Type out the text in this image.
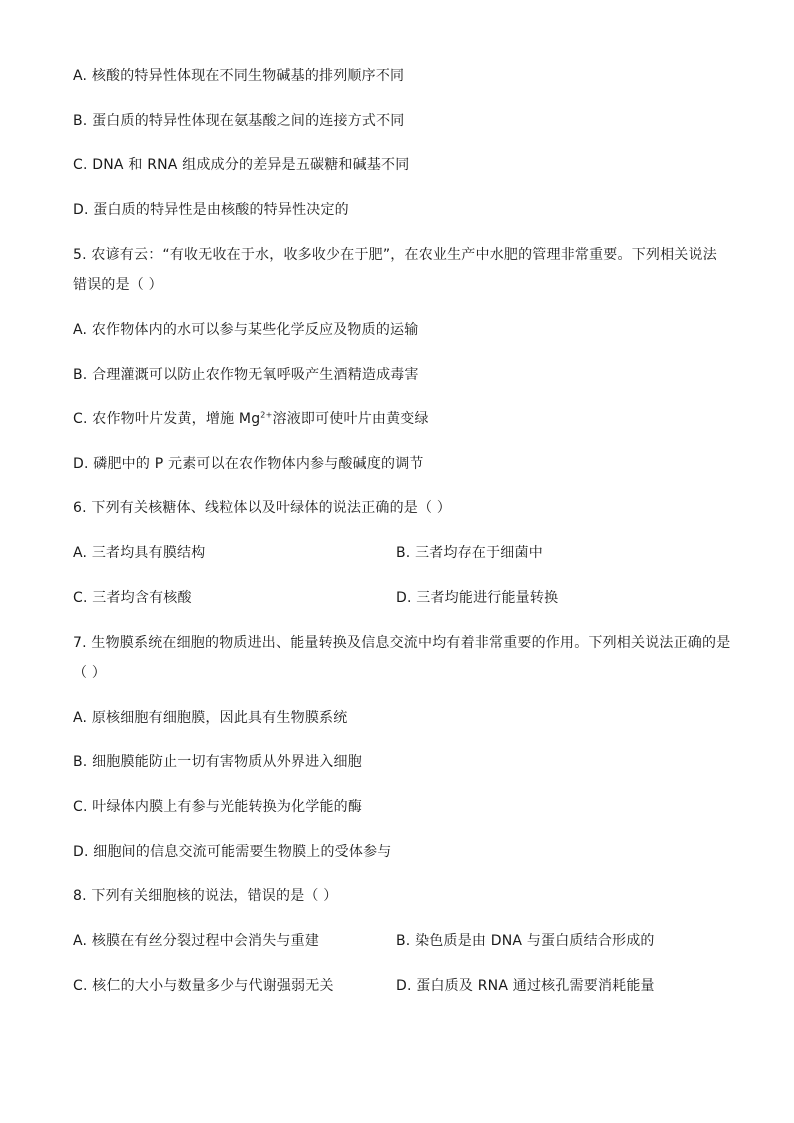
A. 核酸的特异性体现在不同生物碱基的排列顺序不同
B. 蛋白质的特异性体现在氨基酸之间的连接方式不同
C. DNA 和 RNA 组成成分的差异是五碳糖和碱基不同
D. 蛋白质的特异性是由核酸的特异性决定的
5. 农谚有云：“有收无收在于水，收多收少在于肥”，在农业生产中水肥的管理非常重要。下列相关说法
错误的是（ ）
A. 农作物体内的水可以参与某些化学反应及物质的运输
B. 合理灌溉可以防止农作物无氧呼吸产生酒精造成毒害
C. 农作物叶片发黄，增施 $Mg^{2+}$溶液即可使叶片由黄变绿
D. 磷肥中的 P 元素可以在农作物体内参与酸碱度的调节
6. 下列有关核糖体、线粒体以及叶绿体的说法正确的是（ ）
A. 三者均具有膜结构	B. 三者均存在于细菌中
C. 三者均含有核酸	D. 三者均能进行能量转换
7. 生物膜系统在细胞的物质进出、能量转换及信息交流中均有着非常重要的作用。下列相关说法正确的是
（ ）
A. 原核细胞有细胞膜，因此具有生物膜系统
B. 细胞膜能防止一切有害物质从外界进入细胞
C. 叶绿体内膜上有参与光能转换为化学能的酶
D. 细胞间的信息交流可能需要生物膜上的受体参与
8. 下列有关细胞核的说法，错误的是（ ）
A. 核膜在有丝分裂过程中会消失与重建	B. 染色质是由 DNA 与蛋白质结合形成的
C. 核仁的大小与数量多少与代谢强弱无关	D. 蛋白质及 RNA 通过核孔需要消耗能量
